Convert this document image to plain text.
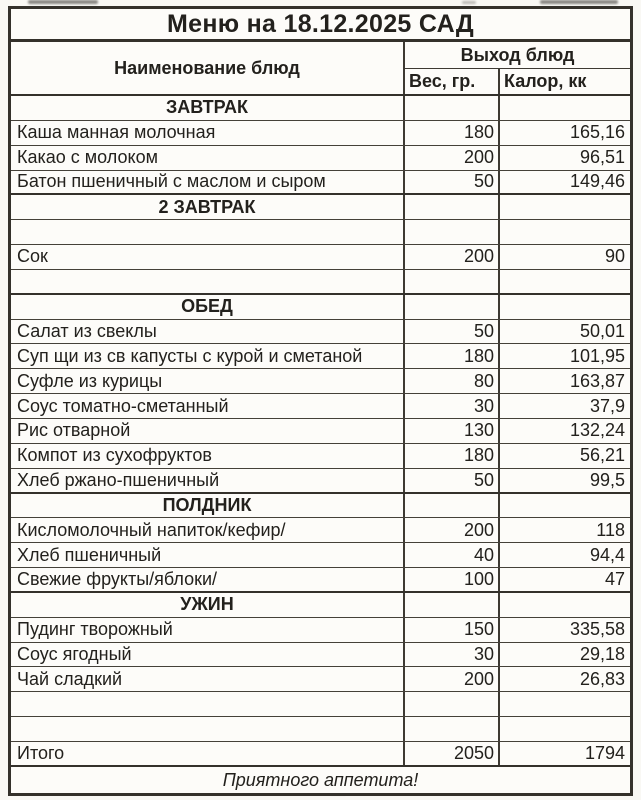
Меню на 18.12.2025 САД
Наименование блюд
Выход блюд
Вес, гр.	Калор, кк
ЗАВТРАК
Каша манная молочная	180	165,16
Какао с молоком	200	96,51
Батон пшеничный с маслом и сыром	50	149,46
2 ЗАВТРАК
Сок	200	90
ОБЕД
Салат из свеклы	50	50,01
Суп щи из св капусты с курой и сметаной	180	101,95
Суфле из курицы	80	163,87
Соус томатно-сметанный	30	37,9
Рис отварной	130	132,24
Компот из сухофруктов	180	56,21
Хлеб ржано-пшеничный	50	99,5
ПОЛДНИК
Кисломолочный напиток/кефир/	200	118
Хлеб пшеничный	40	94,4
Свежие фрукты/яблоки/	100	47
УЖИН
Пудинг творожный	150	335,58
Соус ягодный	30	29,18
Чай сладкий	200	26,83
Итого	2050	1794
Приятного аппетита!
